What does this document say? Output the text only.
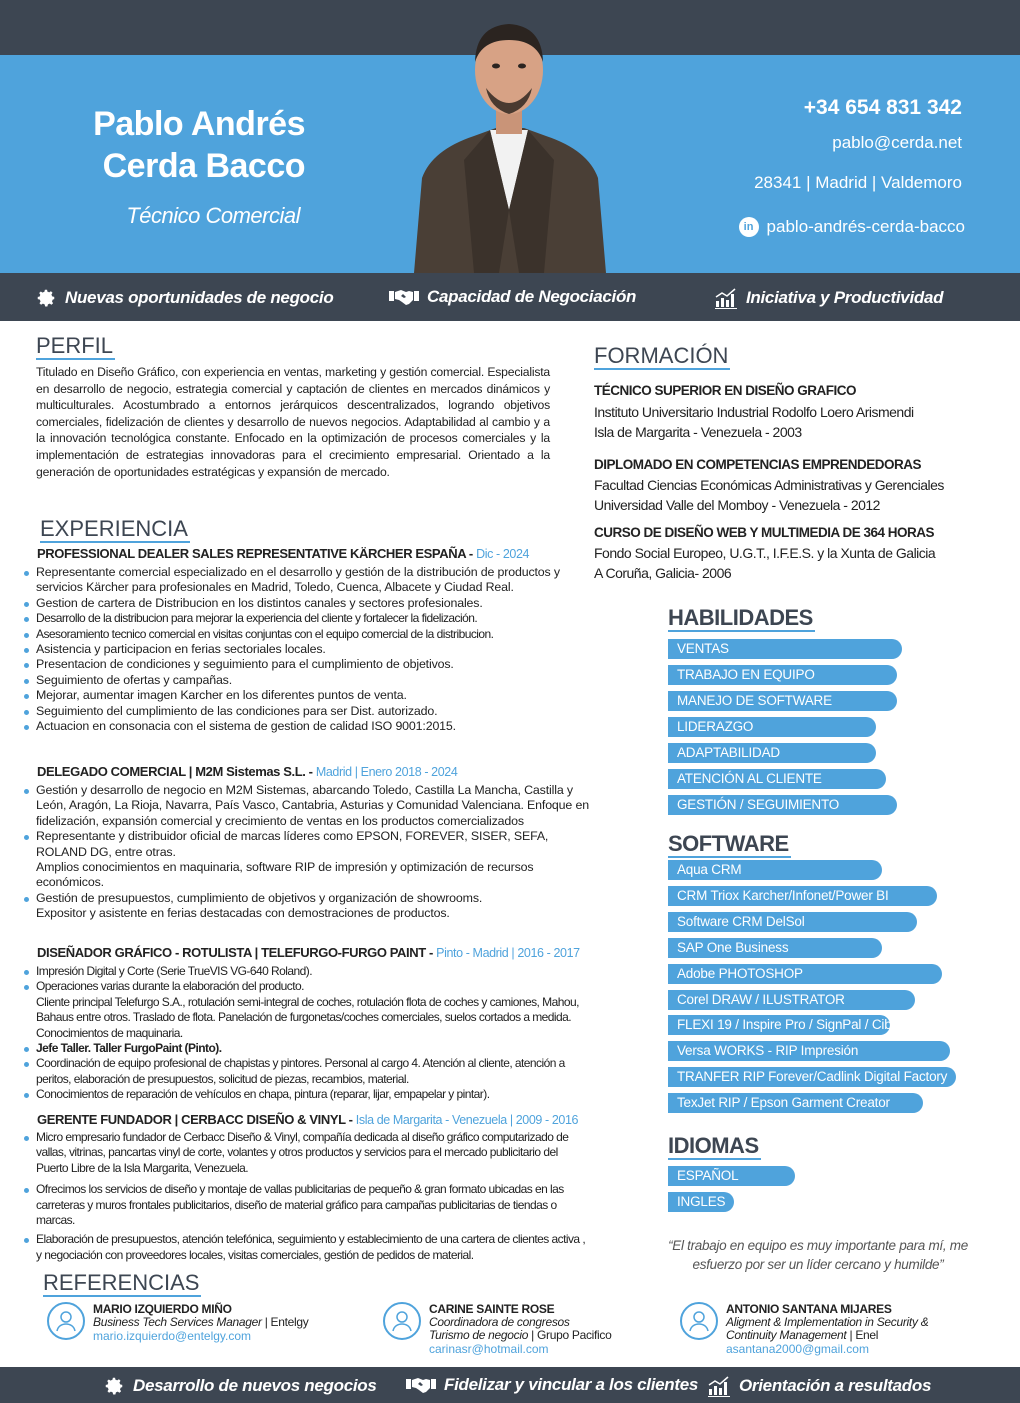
Pablo Andrés
Cerda Bacco
Técnico Comercial
+34 654 831 342
pablo@cerda.net
28341 | Madrid | Valdemoro
in pablo-andrés-cerda-bacco
Nuevas oportunidades de negocio	Capacidad de Negociación	Iniciativa y Productividad
PERFIL
Titulado en Diseño Gráfico, con experiencia en ventas, marketing y gestión comercial. Especialista en desarrollo de negocio, estrategia comercial y captación de clientes en mercados dinámicos y multiculturales. Acostumbrado a entornos jerárquicos descentralizados, logrando objetivos comerciales, fidelización de clientes y desarrollo de nuevos negocios. Adaptabilidad al cambio y a la innovación tecnológica constante. Enfocado en la optimización de procesos comerciales y la implementación de estrategias innovadoras para el crecimiento empresarial. Orientado a la generación de oportunidades estratégicas y expansión de mercado.
EXPERIENCIA
PROFESSIONAL DEALER SALES REPRESENTATIVE KÄRCHER ESPAÑA - Dic - 2024
Representante comercial especializado en el desarrollo y gestión de la distribución de productos y servicios Kärcher para profesionales en Madrid, Toledo, Cuenca, Albacete y Ciudad Real.
Gestion de cartera de Distribucion en los distintos canales y sectores profesionales.
Desarrollo de la distribucion para mejorar la experiencia del cliente y fortalecer la fidelización.
Asesoramiento tecnico comercial en visitas conjuntas con el equipo comercial de la distribucion.
Asistencia y participacion en ferias sectoriales locales.
Presentacion de condiciones y seguimiento para el cumplimiento de objetivos.
Seguimiento de ofertas y campañas.
Mejorar, aumentar imagen Karcher en los diferentes puntos de venta.
Seguimiento del cumplimiento de las condiciones para ser Dist. autorizado.
Actuacion en consonacia con el sistema de gestion de calidad ISO 9001:2015.
DELEGADO COMERCIAL | M2M Sistemas S.L. - Madrid | Enero 2018 - 2024
Gestión y desarrollo de negocio en M2M Sistemas, abarcando Toledo, Castilla La Mancha, Castilla y León, Aragón, La Rioja, Navarra, País Vasco, Cantabria, Asturias y Comunidad Valenciana. Enfoque en fidelización, expansión comercial y crecimiento de ventas en los productos comercializados
Representante y distribuidor oficial de marcas líderes como EPSON, FOREVER, SISER, SEFA, ROLAND DG, entre otras.
Amplios conocimientos en maquinaria, software RIP de impresión y optimización de recursos económicos.
Gestión de presupuestos, cumplimiento de objetivos y organización de showrooms.
Expositor y asistente en ferias destacadas con demostraciones de productos.
DISEÑADOR GRÁFICO - ROTULISTA | TELEFURGO-FURGO PAINT - Pinto - Madrid | 2016 - 2017
Impresión Digital y Corte (Serie TrueVIS VG-640 Roland).
Operaciones varias durante la elaboración del producto.
Cliente principal Telefurgo S.A., rotulación semi-integral de coches, rotulación flota de coches y camiones, Mahou, Bahaus entre otros. Traslado de flota. Panelación de furgonetas/coches comerciales, suelos cortados a medida. Conocimientos de maquinaria.
Jefe Taller. Taller FurgoPaint (Pinto).
Coordinación de equipo profesional de chapistas y pintores. Personal al cargo 4. Atención al cliente, atención a peritos, elaboración de presupuestos, solicitud de piezas, recambios, material.
Conocimientos de reparación de vehículos en chapa, pintura (reparar, lijar, empapelar y pintar).
GERENTE FUNDADOR | CERBACC DISEÑO & VINYL - Isla de Margarita - Venezuela | 2009 - 2016
Micro empresario fundador de Cerbacc Diseño & Vinyl, compañía dedicada al diseño gráfico computarizado de vallas, vitrinas, pancartas vinyl de corte, volantes y otros productos y servicios para el mercado publicitario del Puerto Libre de la Isla Margarita, Venezuela.
Ofrecimos los servicios de diseño y montaje de vallas publicitarias de pequeño & gran formato ubicadas en las carreteras y muros frontales publicitarios, diseño de material gráfico para campañas publicitarias de tiendas o marcas.
Elaboración de presupuestos, atención telefónica, seguimiento y establecimiento de una cartera de clientes activa , y negociación con proveedores locales, visitas comerciales, gestión de pedidos de material.
REFERENCIAS
MARIO IZQUIERDO MIÑO
Business Tech Services Manager | Entelgy
mario.izquierdo@entelgy.com
CARINE SAINTE ROSE
Coordinadora de congresos
Turismo de negocio | Grupo Pacifico
carinasr@hotmail.com
ANTONIO SANTANA MIJARES
Aligment & Implementation in Security &
Continuity Management | Enel
asantana2000@gmail.com
FORMACIÓN
TÉCNICO SUPERIOR EN DISEÑO GRAFICO
Instituto Universitario Industrial Rodolfo Loero Arismendi
Isla de Margarita - Venezuela - 2003
DIPLOMADO EN COMPETENCIAS EMPRENDEDORAS
Facultad Ciencias Económicas Administrativas y Gerenciales
Universidad Valle del Momboy - Venezuela - 2012
CURSO DE DISEÑO WEB Y MULTIMEDIA DE 364 HORAS
Fondo Social Europeo, U.G.T., I.F.E.S. y la Xunta de Galicia
A Coruña, Galicia- 2006
HABILIDADES
VENTAS
TRABAJO EN EQUIPO
MANEJO DE SOFTWARE
LIDERAZGO
ADAPTABILIDAD
ATENCIÓN AL CLIENTE
GESTIÓN / SEGUIMIENTO
SOFTWARE
Aqua CRM
CRM Triox Karcher/Infonet/Power BI
Software CRM DelSol
SAP One Business
Adobe PHOTOSHOP
Corel DRAW / ILUSTRATOR
FLEXI 19 / Inspire Pro / SignPal / CiberCut
Versa WORKS - RIP Impresión
TRANFER RIP Forever/Cadlink Digital Factory
TexJet RIP / Epson Garment Creator
IDIOMAS
ESPAÑOL
INGLES
“El trabajo en equipo es muy importante para mí, me esfuerzo por ser un líder cercano y humilde”
Desarrollo de nuevos negocios	Fidelizar y vincular a los clientes Orientación a resultados
